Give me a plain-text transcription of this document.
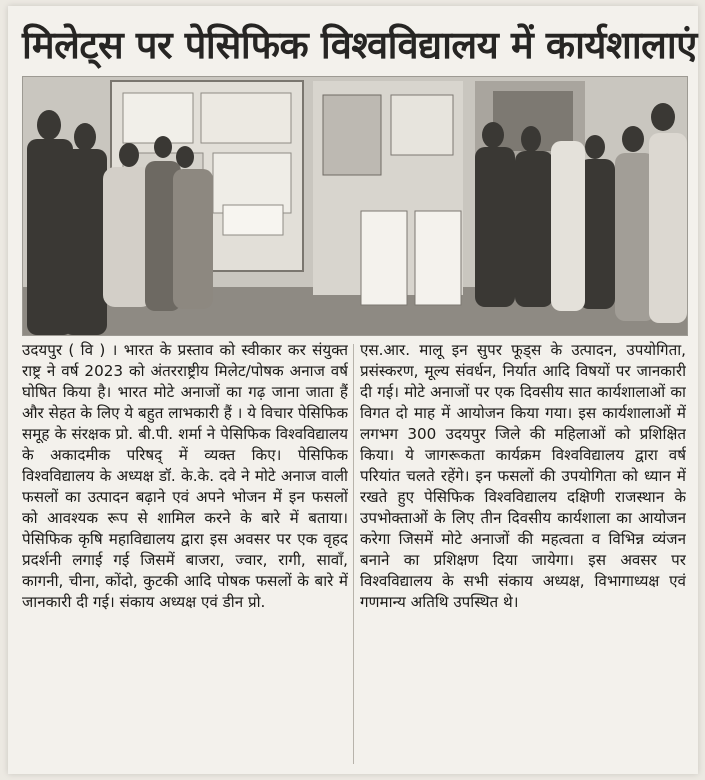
मिलेट्स पर पेसिफिक विश्वविद्यालय में कार्यशालाएं

उदयपुर ( वि ) । भारत के प्रस्ताव को स्वीकार कर संयुक्त राष्ट्र ने वर्ष 2023 को अंतरराष्ट्रीय मिलेट/पोषक अनाज वर्ष घोषित किया है। भारत मोटे अनाजों का गढ़ जाना जाता हैं और सेहत के लिए ये बहुत लाभकारी हैं । ये विचार पेसिफिक समूह के संरक्षक प्रो. बी.पी. शर्मा ने पेसिफिक विश्वविद्यालय के अकादमीक परिषद् में व्यक्त किए। पेसिफिक विश्वविद्यालय के अध्यक्ष डॉ. के.के. दवे ने मोटे अनाज वाली फसलों का उत्पादन बढ़ाने एवं अपने भोजन में इन फसलों को आवश्यक रूप से शामिल करने के बारे में बताया। पेसिफिक कृषि महाविद्यालय द्वारा इस अवसर पर एक वृहद प्रदर्शनी लगाई गई जिसमें बाजरा, ज्वार, रागी, सावाँ, कागनी, चीना, कोंदो, कुटकी आदि पोषक फसलों के बारे में जानकारी दी गई। संकाय अध्यक्ष एवं डीन प्रो.

एस.आर. मालू इन सुपर फूड्स के उत्पादन, उपयोगिता, प्रसंस्करण, मूल्य संवर्धन, निर्यात आदि विषयों पर जानकारी दी गई। मोटे अनाजों पर एक दिवसीय सात कार्यशालाओं का विगत दो माह में आयोजन किया गया। इस कार्यशालाओं में लगभग 300 उदयपुर जिले की महिलाओं को प्रशिक्षित किया। ये जागरूकता कार्यक्रम विश्वविद्यालय द्वारा वर्ष परियांत चलते रहेंगे। इन फसलों की उपयोगिता को ध्यान में रखते हुए पेसिफिक विश्वविद्यालय दक्षिणी राजस्थान के उपभोक्ताओं के लिए तीन दिवसीय कार्यशाला का आयोजन करेगा जिसमें मोटे अनाजों की महत्वता व विभिन्न व्यंजन बनाने का प्रशिक्षण दिया जायेगा। इस अवसर पर विश्वविद्यालय के सभी संकाय अध्यक्ष, विभागाध्यक्ष एवं गणमान्य अतिथि उपस्थित थे।
